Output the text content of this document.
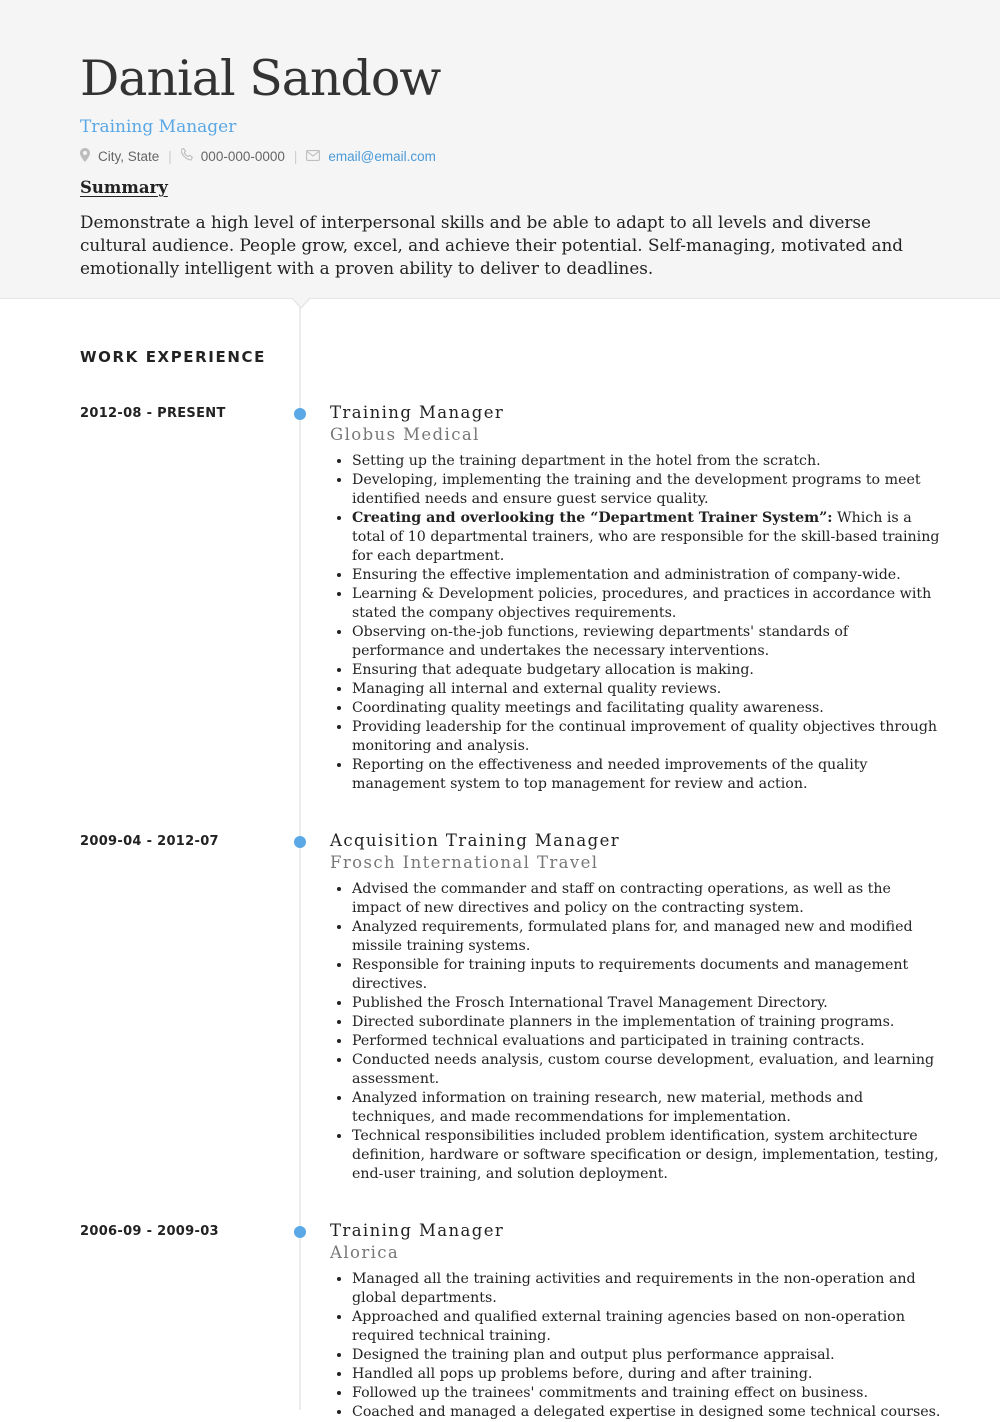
Danial Sandow
Training Manager
City, State | 000-000-0000 | email@email.com
Summary
Demonstrate a high level of interpersonal skills and be able to adapt to all levels and diverse cultural audience. People grow, excel, and achieve their potential. Self-managing, motivated and emotionally intelligent with a proven ability to deliver to deadlines.
WORK EXPERIENCE
2012-08 - PRESENT	Training Manager
Globus Medical
• Setting up the training department in the hotel from the scratch.
• Developing, implementing the training and the development programs to meet identified needs and ensure guest service quality.
• Creating and overlooking the “Department Trainer System”: Which is a total of 10 departmental trainers, who are responsible for the skill-based training for each department.
• Ensuring the effective implementation and administration of company-wide.
• Learning & Development policies, procedures, and practices in accordance with stated the company objectives requirements.
• Observing on-the-job functions, reviewing departments' standards of performance and undertakes the necessary interventions.
• Ensuring that adequate budgetary allocation is making.
• Managing all internal and external quality reviews.
• Coordinating quality meetings and facilitating quality awareness.
• Providing leadership for the continual improvement of quality objectives through monitoring and analysis.
• Reporting on the effectiveness and needed improvements of the quality management system to top management for review and action.
2009-04 - 2012-07	Acquisition Training Manager
Frosch International Travel
• Advised the commander and staff on contracting operations, as well as the impact of new directives and policy on the contracting system.
• Analyzed requirements, formulated plans for, and managed new and modified missile training systems.
• Responsible for training inputs to requirements documents and management directives.
• Published the Frosch International Travel Management Directory.
• Directed subordinate planners in the implementation of training programs.
• Performed technical evaluations and participated in training contracts.
• Conducted needs analysis, custom course development, evaluation, and learning assessment.
• Analyzed information on training research, new material, methods and techniques, and made recommendations for implementation.
• Technical responsibilities included problem identification, system architecture definition, hardware or software specification or design, implementation, testing, end-user training, and solution deployment.
2006-09 - 2009-03	Training Manager
Alorica
• Managed all the training activities and requirements in the non-operation and global departments.
• Approached and qualified external training agencies based on non-operation required technical training.
• Designed the training plan and output plus performance appraisal.
• Handled all pops up problems before, during and after training.
• Followed up the trainees' commitments and training effect on business.
• Coached and managed a delegated expertise in designed some technical courses.
